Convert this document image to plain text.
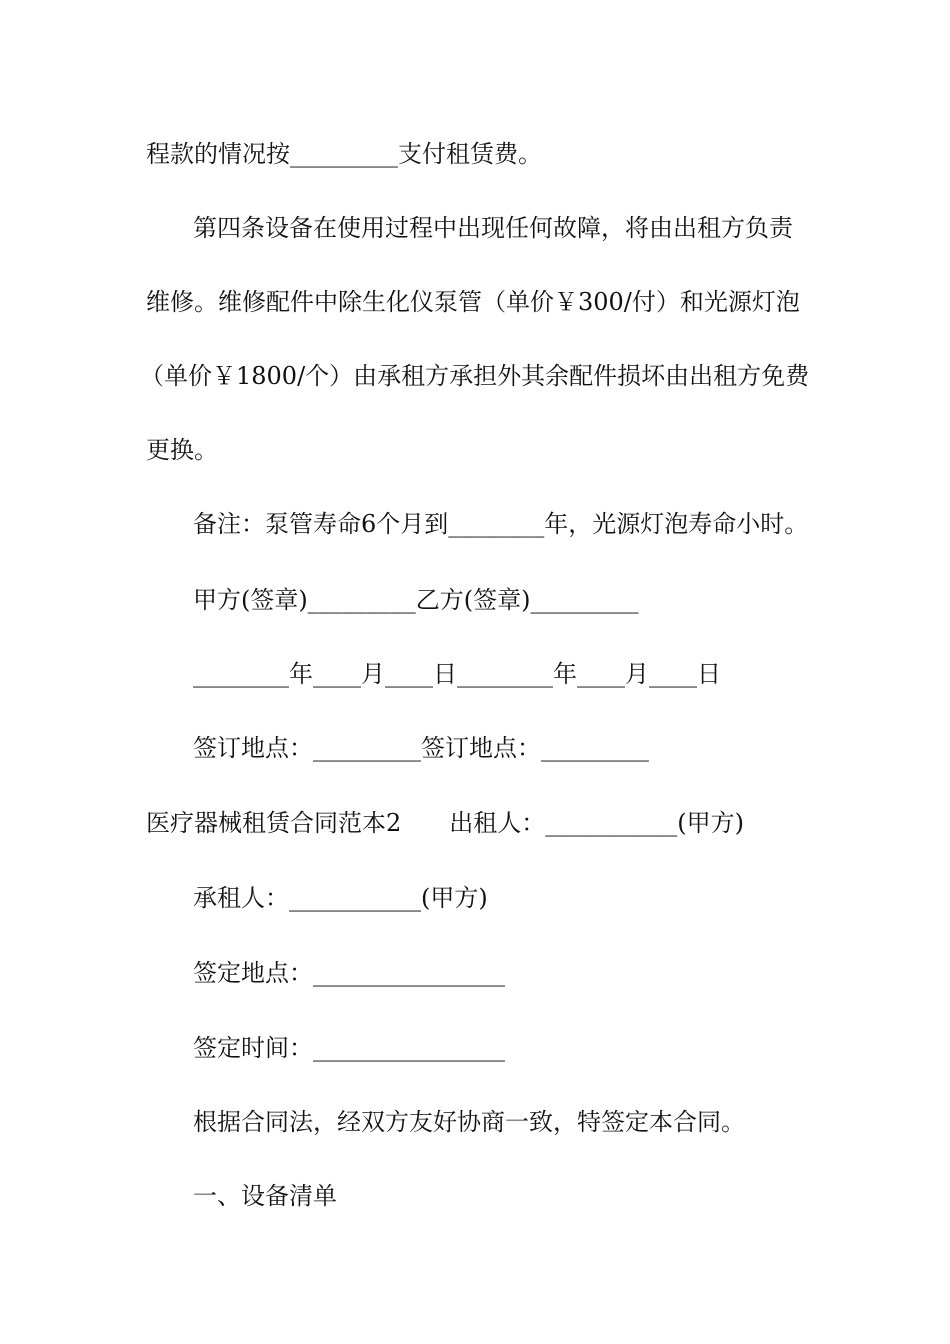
程款的情况按_________支付租赁费。

第四条设备在使用过程中出现任何故障，将由出租方负责

维修。维修配件中除生化仪泵管（单价￥300/付）和光源灯泡

（单价￥1800/个）由承租方承担外其余配件损坏由出租方免费

更换。

备注：泵管寿命6个月到________年，光源灯泡寿命小时。

甲方(签章)_________乙方(签章)_________

________年____月____日________年____月____日

签订地点：_________签订地点：_________

医疗器械租赁合同范本2　　出租人：___________(甲方)

承租人：___________(甲方)

签定地点：________________

签定时间：________________

根据合同法，经双方友好协商一致，特签定本合同。

一、设备清单
